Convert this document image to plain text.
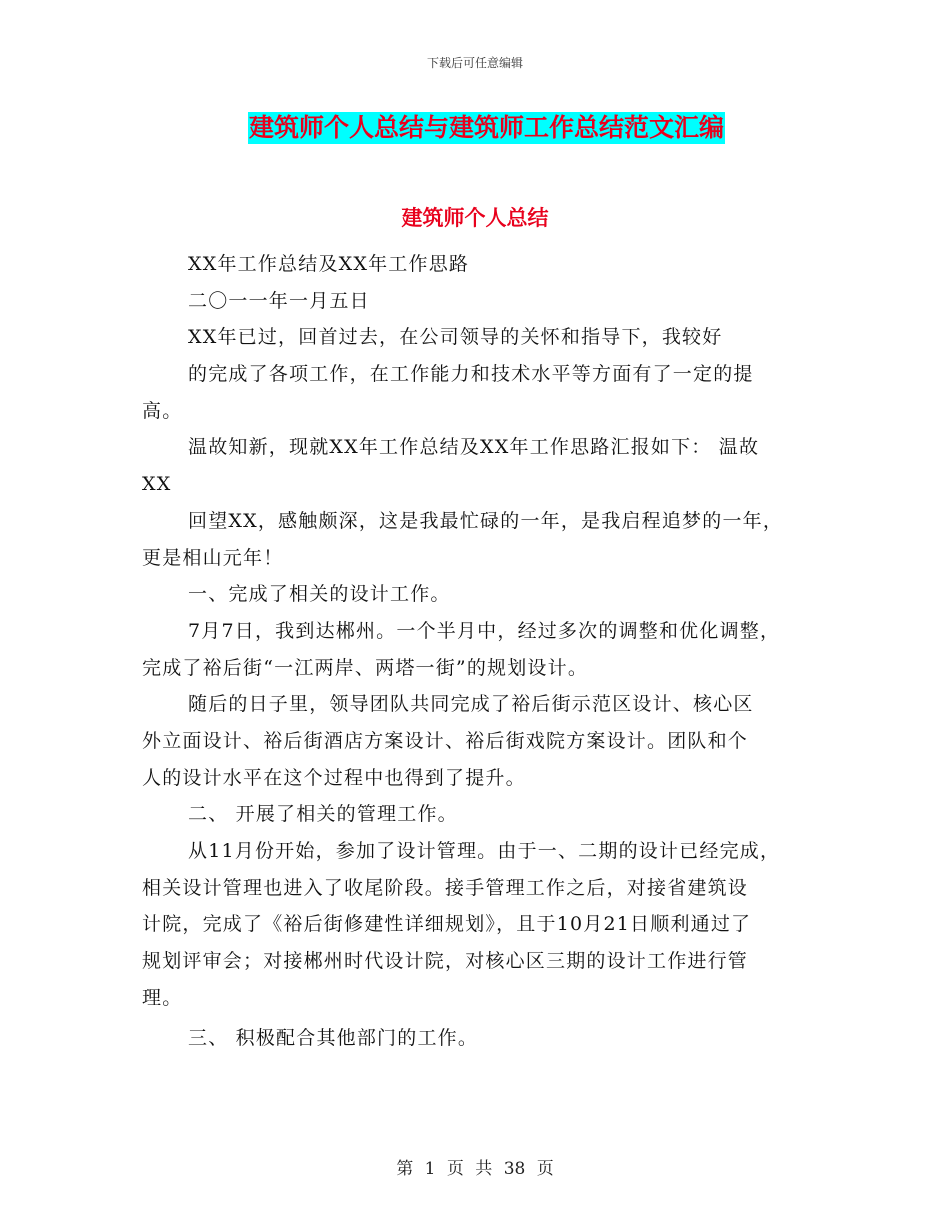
下载后可任意编辑
建筑师个人总结与建筑师工作总结范文汇编
建筑师个人总结
XX年工作总结及XX年工作思路
二〇一一年一月五日
XX年已过，回首过去，在公司领导的关怀和指导下，我较好
的完成了各项工作，在工作能力和技术水平等方面有了一定的提
高。
温故知新，现就XX年工作总结及XX年工作思路汇报如下： 温故
XX
回望XX，感触颇深，这是我最忙碌的一年，是我启程追梦的一年，
更是相山元年！
一、完成了相关的设计工作。
7月7日，我到达郴州。一个半月中，经过多次的调整和优化调整，
完成了裕后街“一江两岸、两塔一街”的规划设计。
随后的日子里，领导团队共同完成了裕后街示范区设计、核心区
外立面设计、裕后街酒店方案设计、裕后街戏院方案设计。团队和个
人的设计水平在这个过程中也得到了提升。
二、 开展了相关的管理工作。
从11月份开始，参加了设计管理。由于一、二期的设计已经完成，
相关设计管理也进入了收尾阶段。接手管理工作之后，对接省建筑设
计院，完成了《裕后街修建性详细规划》，且于10月21日顺利通过了
规划评审会；对接郴州时代设计院，对核心区三期的设计工作进行管
理。
三、 积极配合其他部门的工作。
第 1 页 共 38 页
